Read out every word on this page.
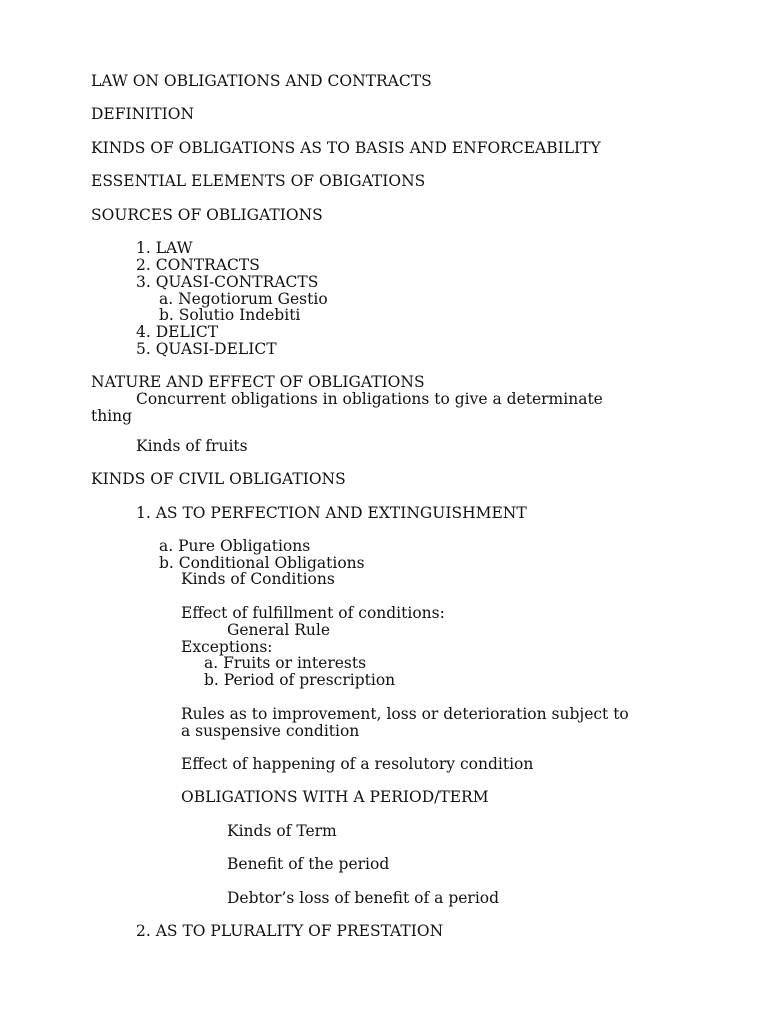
LAW ON OBLIGATIONS AND CONTRACTS
DEFINITION
KINDS OF OBLIGATIONS AS TO BASIS AND ENFORCEABILITY
ESSENTIAL ELEMENTS OF OBIGATIONS
SOURCES OF OBLIGATIONS
1. LAW
2. CONTRACTS
3. QUASI-CONTRACTS
a. Negotiorum Gestio
b. Solutio Indebiti
4. DELICT
5. QUASI-DELICT
NATURE AND EFFECT OF OBLIGATIONS
Concurrent obligations in obligations to give a determinate
thing
Kinds of fruits
KINDS OF CIVIL OBLIGATIONS
1. AS TO PERFECTION AND EXTINGUISHMENT
a. Pure Obligations
b. Conditional Obligations
Kinds of Conditions
Effect of fulfillment of conditions:
General Rule
Exceptions:
a. Fruits or interests
b. Period of prescription
Rules as to improvement, loss or deterioration subject to
a suspensive condition
Effect of happening of a resolutory condition
OBLIGATIONS WITH A PERIOD/TERM
Kinds of Term
Benefit of the period
Debtor’s loss of benefit of a period
2. AS TO PLURALITY OF PRESTATION
